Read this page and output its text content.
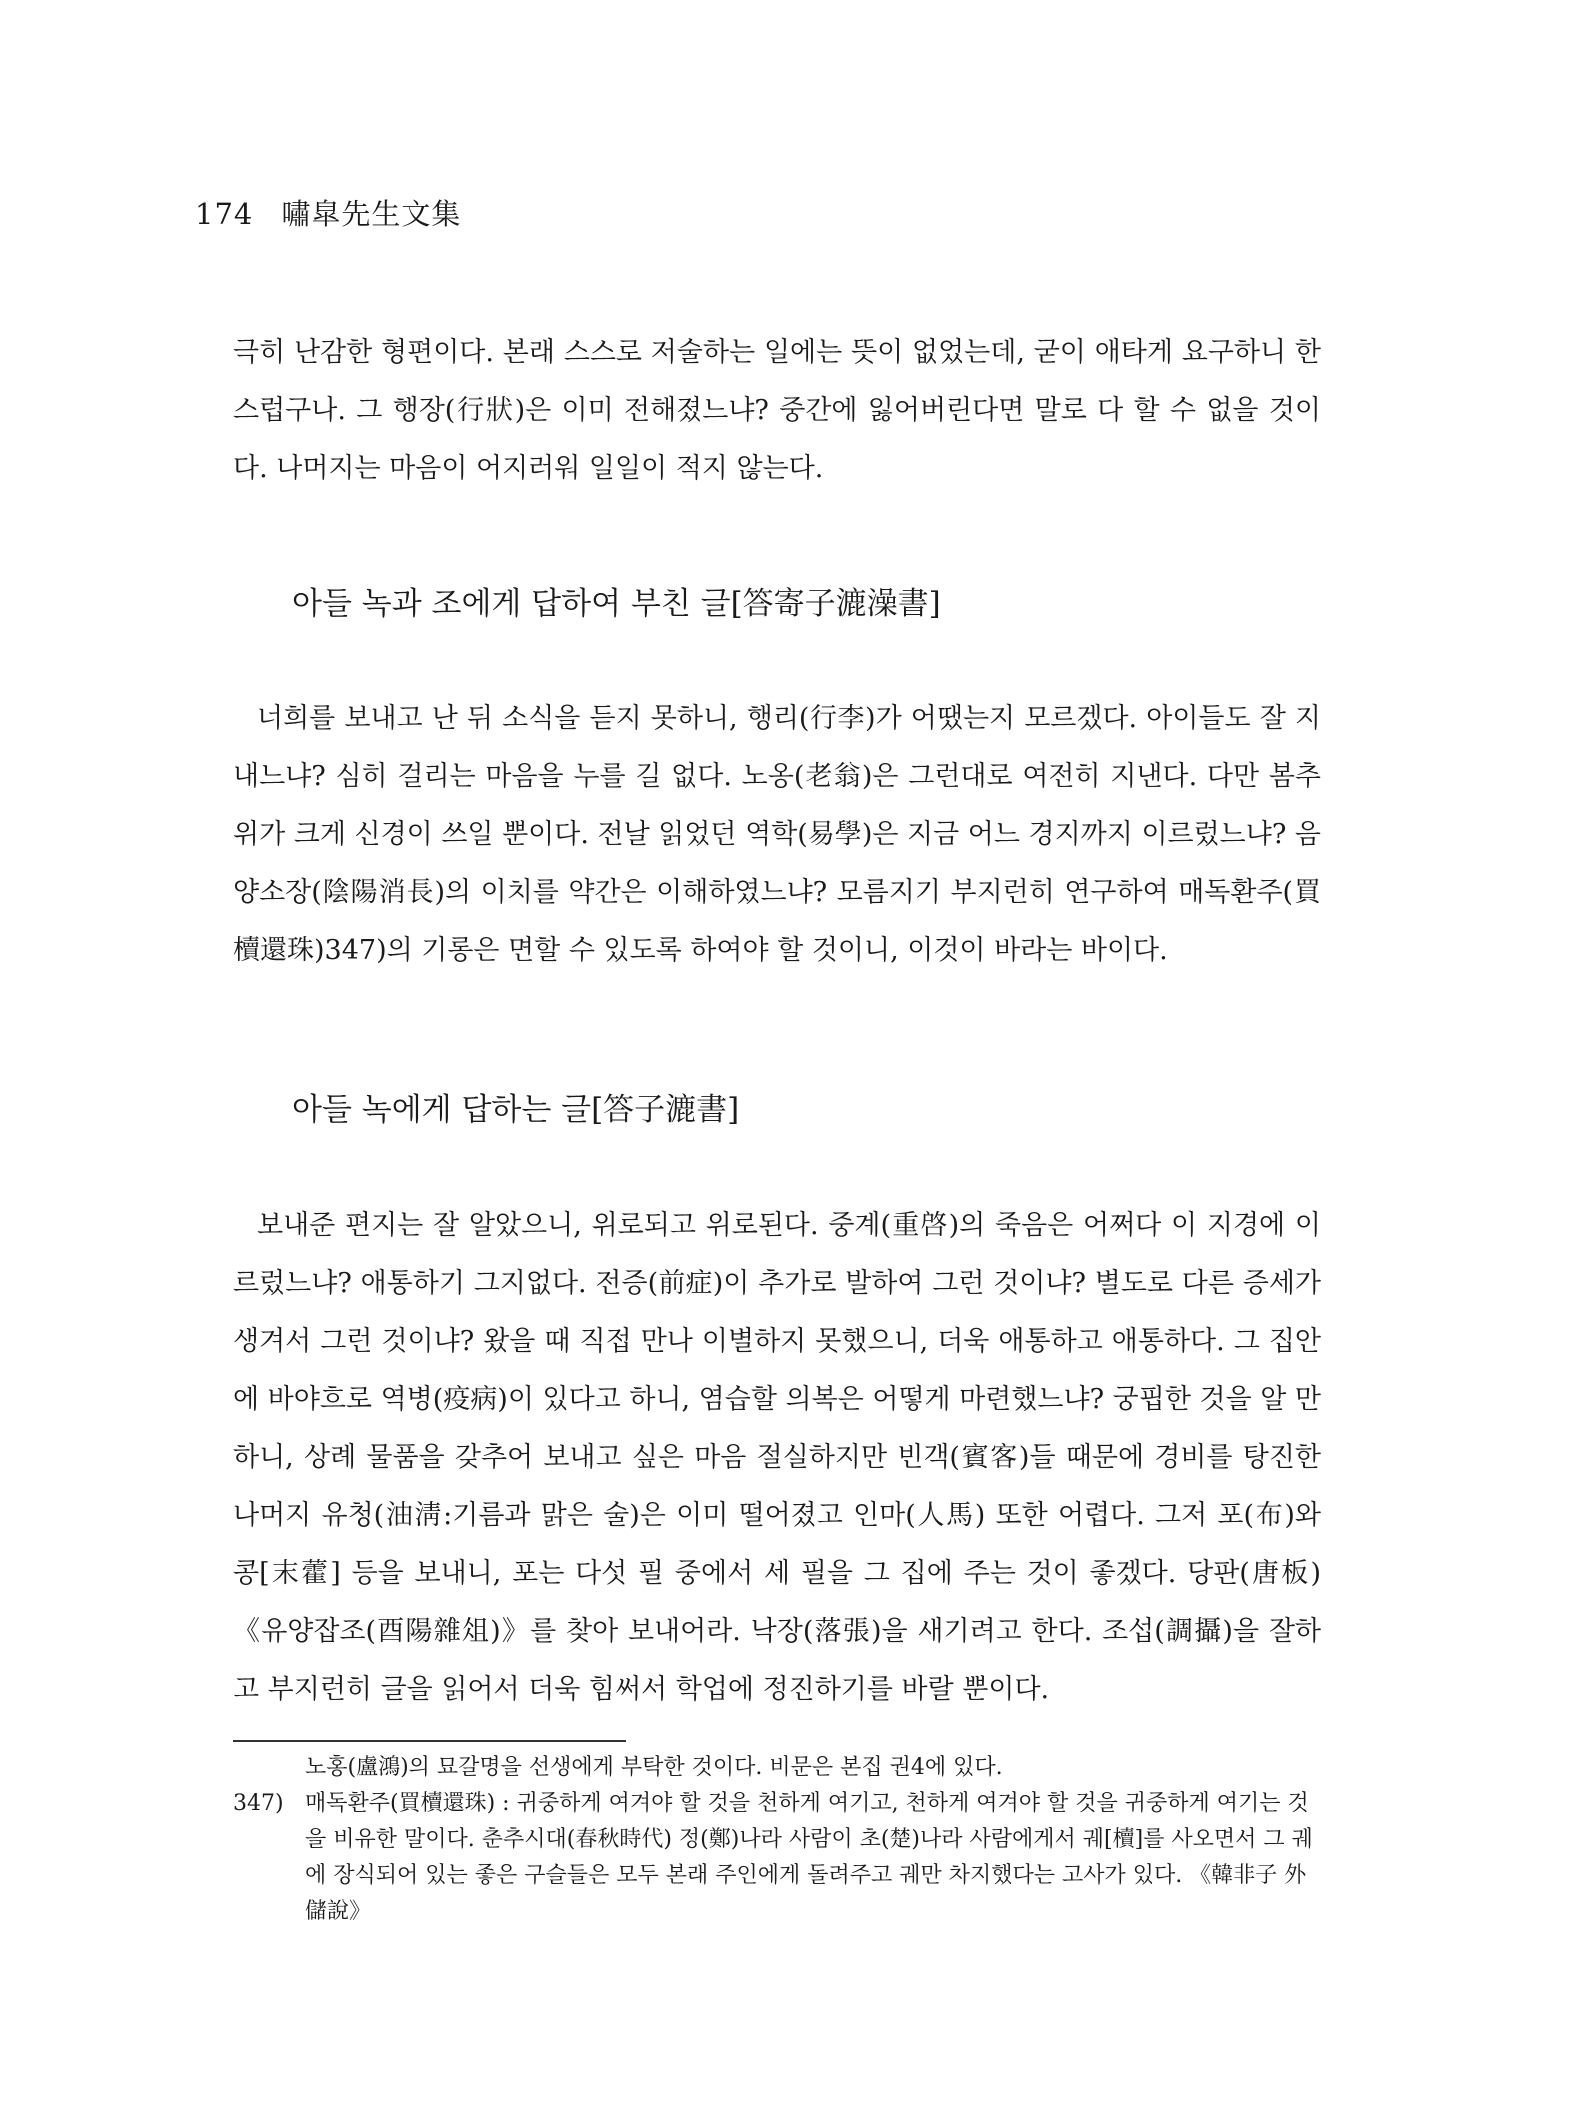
174 嘯皐先生文集

극히 난감한 형편이다. 본래 스스로 저술하는 일에는 뜻이 없었는데, 굳이 애타게 요구하니 한스럽구나. 그 행장(行狀)은 이미 전해졌느냐? 중간에 잃어버린다면 말로 다 할 수 없을 것이다. 나머지는 마음이 어지러워 일일이 적지 않는다.

아들 녹과 조에게 답하여 부친 글[答寄子漉澡書]

너희를 보내고 난 뒤 소식을 듣지 못하니, 행리(行李)가 어땠는지 모르겠다. 아이들도 잘 지내느냐? 심히 걸리는 마음을 누를 길 없다. 노옹(老翁)은 그런대로 여전히 지낸다. 다만 봄추위가 크게 신경이 쓰일 뿐이다. 전날 읽었던 역학(易學)은 지금 어느 경지까지 이르렀느냐? 음양소장(陰陽消長)의 이치를 약간은 이해하였느냐? 모름지기 부지런히 연구하여 매독환주(買櫝還珠)347)의 기롱은 면할 수 있도록 하여야 할 것이니, 이것이 바라는 바이다.

아들 녹에게 답하는 글[答子漉書]

보내준 편지는 잘 알았으니, 위로되고 위로된다. 중계(重啓)의 죽음은 어쩌다 이 지경에 이르렀느냐? 애통하기 그지없다. 전증(前症)이 추가로 발하여 그런 것이냐? 별도로 다른 증세가 생겨서 그런 것이냐? 왔을 때 직접 만나 이별하지 못했으니, 더욱 애통하고 애통하다. 그 집안에 바야흐로 역병(疫病)이 있다고 하니, 염습할 의복은 어떻게 마련했느냐? 궁핍한 것을 알 만하니, 상례 물품을 갖추어 보내고 싶은 마음 절실하지만 빈객(賓客)들 때문에 경비를 탕진한 나머지 유청(油淸:기름과 맑은 술)은 이미 떨어졌고 인마(人馬) 또한 어렵다. 그저 포(布)와 콩[末藿] 등을 보내니, 포는 다섯 필 중에서 세 필을 그 집에 주는 것이 좋겠다. 당판(唐板) 《유양잡조(酉陽雜俎)》를 찾아 보내어라. 낙장(落張)을 새기려고 한다. 조섭(調攝)을 잘하고 부지런히 글을 읽어서 더욱 힘써서 학업에 정진하기를 바랄 뿐이다.

노홍(盧鴻)의 묘갈명을 선생에게 부탁한 것이다. 비문은 본집 권4에 있다.

347) 매독환주(買櫝還珠) : 귀중하게 여겨야 할 것을 천하게 여기고, 천하게 여겨야 할 것을 귀중하게 여기는 것을 비유한 말이다. 춘추시대(春秋時代) 정(鄭)나라 사람이 초(楚)나라 사람에게서 궤[櫝]를 사오면서 그 궤에 장식되어 있는 좋은 구슬들은 모두 본래 주인에게 돌려주고 궤만 차지했다는 고사가 있다. 《韓非子 外儲說》
